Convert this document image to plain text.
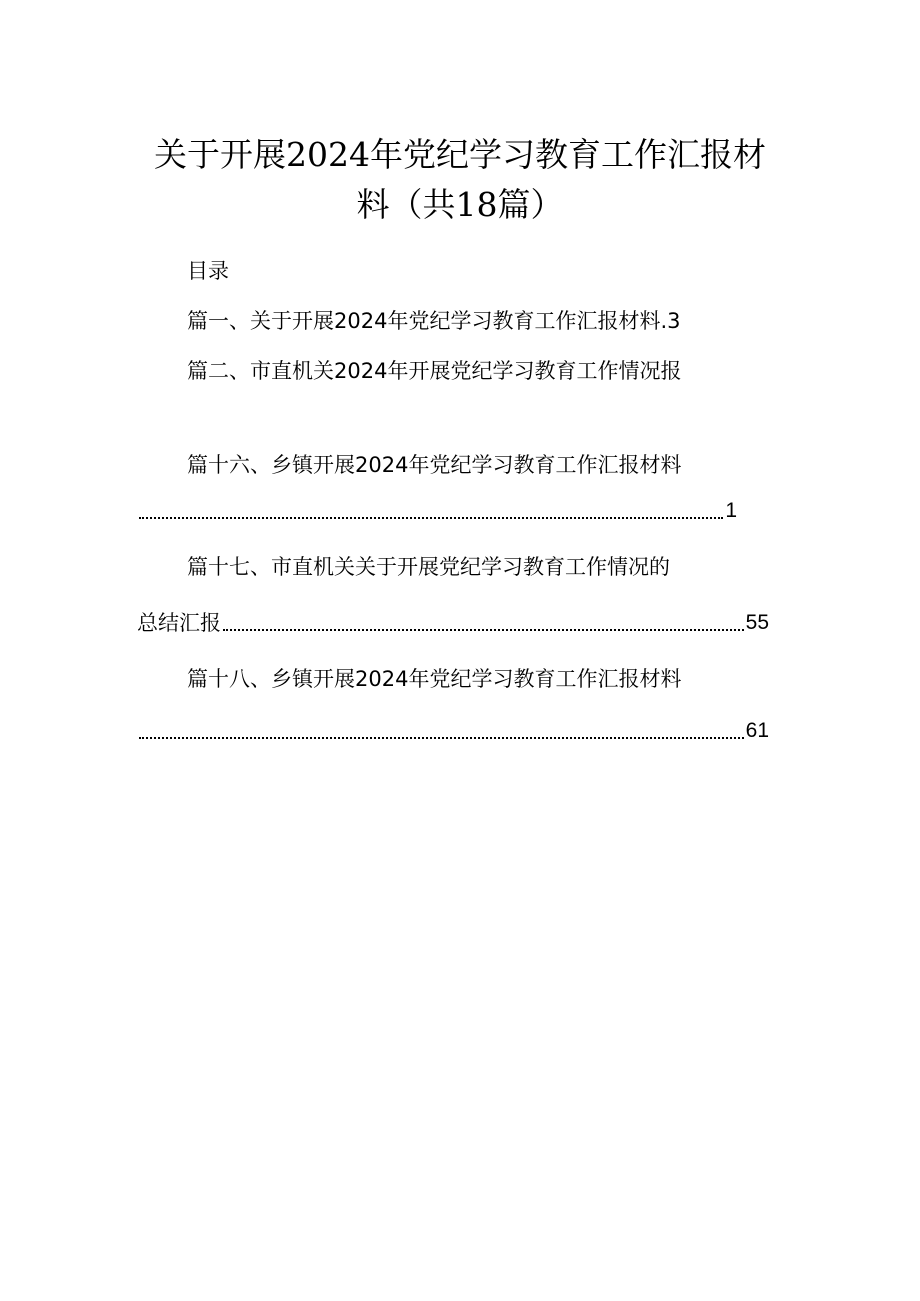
关于开展2024年党纪学习教育工作汇报材
料（共18篇）
目录
篇一、关于开展2024年党纪学习教育工作汇报材料.3
篇二、市直机关2024年开展党纪学习教育工作情况报
篇十六、乡镇开展2024年党纪学习教育工作汇报材料
1
篇十七、市直机关关于开展党纪学习教育工作情况的
总结汇报	55
篇十八、乡镇开展2024年党纪学习教育工作汇报材料
61
